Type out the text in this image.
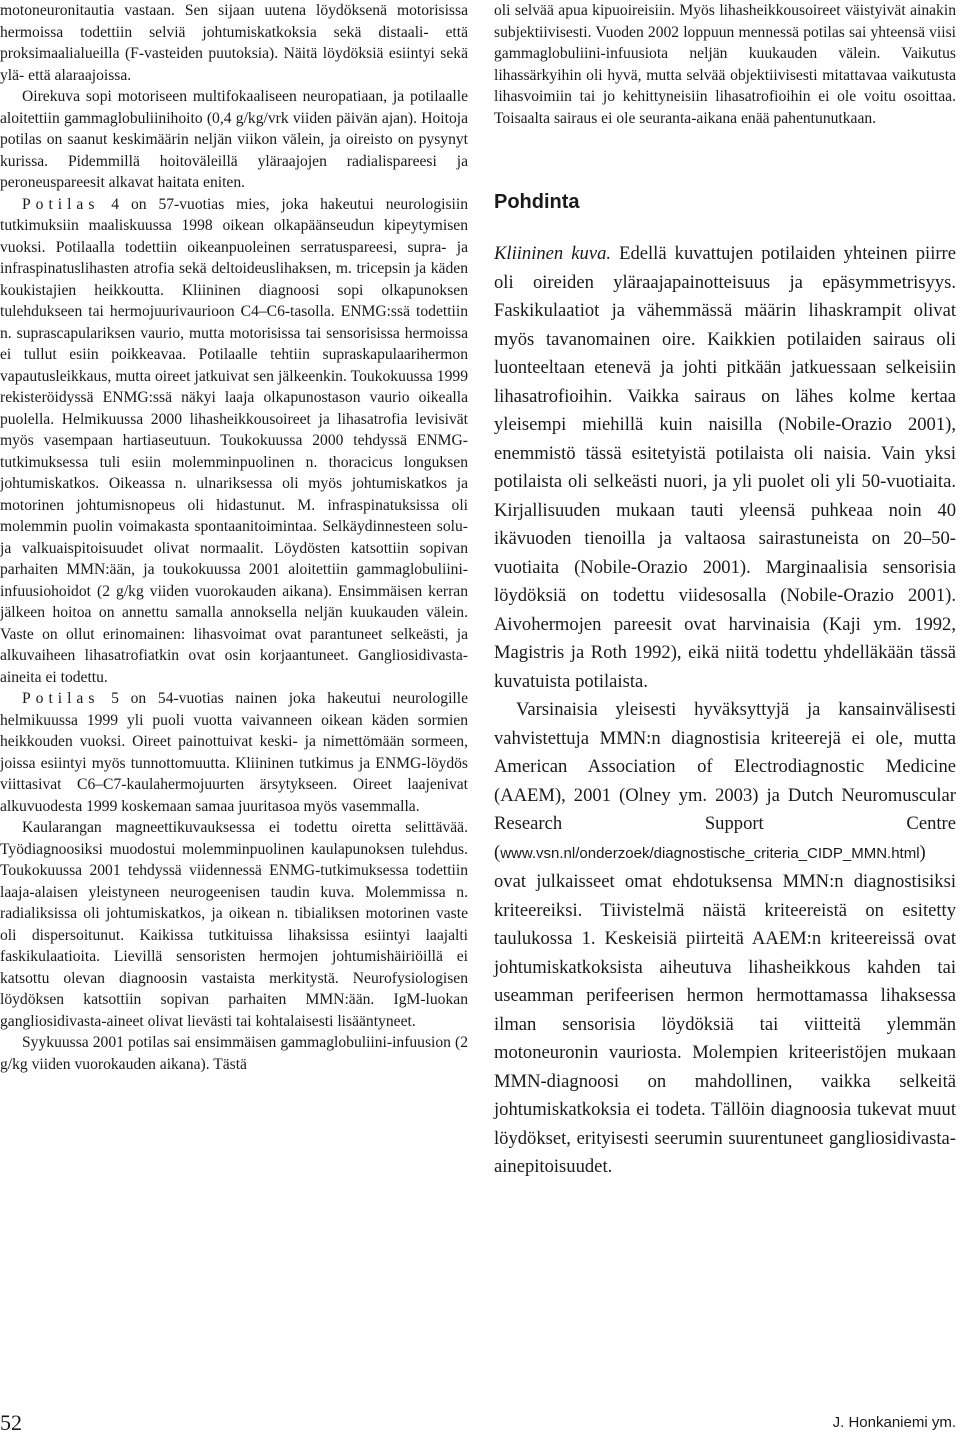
motoneuronitautia vastaan. Sen sijaan uutena löydöksenä motorisissa hermoissa todettiin selviä johtumiskatkoksia sekä distaali- että proksimaalialueilla (F-vasteiden puutoksia). Näitä löydöksiä esiintyi sekä ylä- että alaraajoissa.

Oirekuva sopi motoriseen multifokaaliseen neuropatiaan, ja potilaalle aloitettiin gammaglobuliinihoito (0,4 g/kg/vrk viiden päivän ajan). Hoitoja potilas on saanut keskimäärin neljän viikon välein, ja oireisto on pysynyt kurissa. Pidemmillä hoitoväleillä yläraajojen radialispareesi ja peroneuspareesit alkavat haitata eniten.

Potilas 4 on 57-vuotias mies, joka hakeutui neurologisiin tutkimuksiin maaliskuussa 1998 oikean olkapäänseudun kipeytymisen vuoksi. Potilaalla todettiin oikeanpuoleinen serratuspareesi, supra- ja infraspinatuslihasten atrofia sekä deltoideuslihaksen, m. tricepsin ja käden koukistajien heikkoutta. Kliininen diagnoosi sopi olkapunoksen tulehdukseen tai hermojuurivaurioon C4–C6-tasolla. ENMG:ssä todettiin n. suprascapulariksen vaurio, mutta motorisissa tai sensorisissa hermoissa ei tullut esiin poikkeavaa. Potilaalle tehtiin supraskapulaarihermon vapautusleikkaus, mutta oireet jatkuivat sen jälkeenkin. Toukokuussa 1999 rekisteröidyssä ENMG:ssä näkyi laaja olkapunostason vaurio oikealla puolella. Helmikuussa 2000 lihasheikkousoireet ja lihasatrofia levisivät myös vasempaan hartiaseutuun. Toukokuussa 2000 tehdyssä ENMG-tutkimuksessa tuli esiin molemminpuolinen n. thoracicus longuksen johtumiskatkos. Oikeassa n. ulnariksessa oli myös johtumiskatkos ja motorinen johtumisnopeus oli hidastunut. M. infraspinatuksissa oli molemmin puolin voimakasta spontaanitoimintaa. Selkäydinnesteen solu- ja valkuaispitoisuudet olivat normaalit. Löydösten katsottiin sopivan parhaiten MMN:ään, ja toukokuussa 2001 aloitettiin gammaglobuliini-infuusiohoidot (2 g/kg viiden vuorokauden aikana). Ensimmäisen kerran jälkeen hoitoa on annettu samalla annoksella neljän kuukauden välein. Vaste on ollut erinomainen: lihasvoimat ovat parantuneet selkeästi, ja alkuvaiheen lihasatrofiatkin ovat osin korjaantuneet. Gangliosidivasta-aineita ei todettu.

Potilas 5 on 54-vuotias nainen joka hakeutui neurologille helmikuussa 1999 yli puoli vuotta vaivanneen oikean käden sormien heikkouden vuoksi. Oireet painottuivat keski- ja nimettömään sormeen, joissa esiintyi myös tunnottomuutta. Kliininen tutkimus ja ENMG-löydös viittasivat C6–C7-kaulahermojuurten ärsytykseen. Oireet laajenivat alkuvuodesta 1999 koskemaan samaa juuritasoa myös vasemmalla.

Kaularangan magneettikuvauksessa ei todettu oiretta selittävää. Työdiagnoosiksi muodostui molemminpuolinen kaulapunoksen tulehdus. Toukokuussa 2001 tehdyssä viidennessä ENMG-tutkimuksessa todettiin laaja-alaisen yleistyneen neurogeenisen taudin kuva. Molemmissa n. radialiksissa oli johtumiskatkos, ja oikean n. tibialiksen motorinen vaste oli dispersoitunut. Kaikissa tutkituissa lihaksissa esiintyi laajalti faskikulaatioita. Lievillä sensoristen hermojen johtumishäiriöillä ei katsottu olevan diagnoosin vastaista merkitystä. Neurofysiologisen löydöksen katsottiin sopivan parhaiten MMN:ään. IgM-luokan gangliosidivasta-aineet olivat lievästi tai kohtalaisesti lisääntyneet.

Syykuussa 2001 potilas sai ensimmäisen gammaglobuliini-infuusion (2 g/kg viiden vuorokauden aikana). Tästä

oli selvää apua kipuoireisiin. Myös lihasheikkousoireet väistyivät ainakin subjektiivisesti. Vuoden 2002 loppuun mennessä potilas sai yhteensä viisi gammaglobuliini-infuusiota neljän kuukauden välein. Vaikutus lihassärkyihin oli hyvä, mutta selvää objektiivisesti mitattavaa vaikutusta lihasvoimiin tai jo kehittyneisiin lihasatrofioihin ei ole voitu osoittaa. Toisaalta sairaus ei ole seuranta-aikana enää pahentunutkaan.

Pohdinta

Kliininen kuva. Edellä kuvattujen potilaiden yhteinen piirre oli oireiden yläraajapainotteisuus ja epäsymmetrisyys. Faskikulaatiot ja vähemmässä määrin lihaskrampit olivat myös tavanomainen oire. Kaikkien potilaiden sairaus oli luonteeltaan etenevä ja johti pitkään jatkuessaan selkeisiin lihasatrofioihin. Vaikka sairaus on lähes kolme kertaa yleisempi miehillä kuin naisilla (Nobile-Orazio 2001), enemmistö tässä esitetyistä potilaista oli naisia. Vain yksi potilaista oli selkeästi nuori, ja yli puolet oli yli 50-vuotiaita. Kirjallisuuden mukaan tauti yleensä puhkeaa noin 40 ikävuoden tienoilla ja valtaosa sairastuneista on 20–50-vuotiaita (Nobile-Orazio 2001). Marginaalisia sensorisia löydöksiä on todettu viidesosalla (Nobile-Orazio 2001). Aivohermojen pareesit ovat harvinaisia (Kaji ym. 1992, Magistris ja Roth 1992), eikä niitä todettu yhdelläkään tässä kuvatuista potilaista.

Varsinaisia yleisesti hyväksyttyjä ja kansainvälisesti vahvistettuja MMN:n diagnostisia kriteerejä ei ole, mutta American Association of Electrodiagnostic Medicine (AAEM), 2001 (Olney ym. 2003) ja Dutch Neuromuscular Research Support Centre (www.vsn.nl/onderzoek/diagnostische_criteria_CIDP_MMN.html) ovat julkaisseet omat ehdotuksensa MMN:n diagnostisiksi kriteereiksi. Tiivistelmä näistä kriteereistä on esitetty taulukossa 1. Keskeisiä piirteitä AAEM:n kriteereissä ovat johtumiskatkoksista aiheutuva lihasheikkous kahden tai useamman perifeerisen hermon hermottamassa lihaksessa ilman sensorisia löydöksiä tai viitteitä ylemmän motoneuronin vauriosta. Molempien kriteeristöjen mukaan MMN-diagnoosi on mahdollinen, vaikka selkeitä johtumiskatkoksia ei todeta. Tällöin diagnoosia tukevat muut löydökset, erityisesti seerumin suurentuneet gangliosidivasta-ainepitoisuudet.

52	J. Honkaniemi ym.
